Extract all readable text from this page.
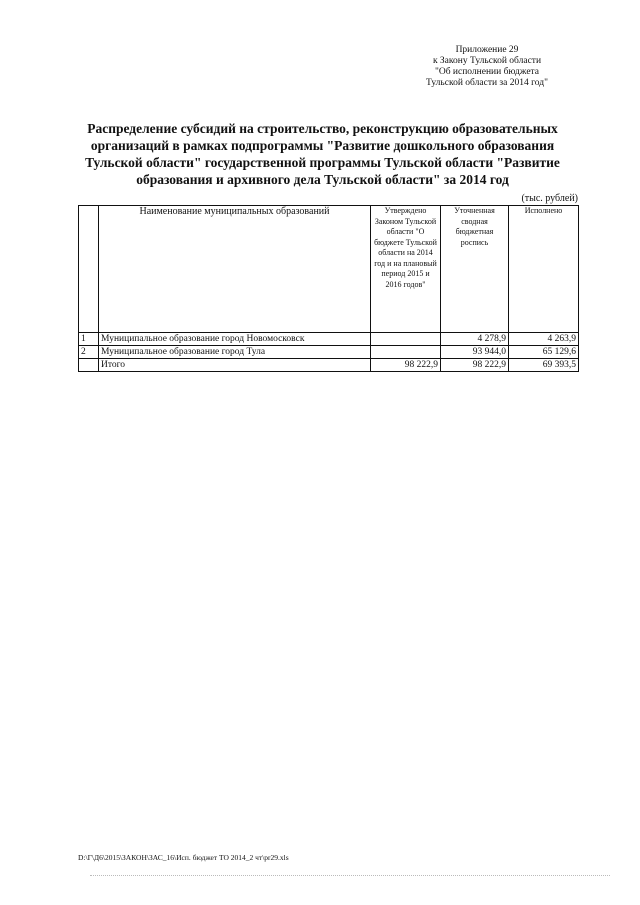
Приложение 29
к Закону Тульской области
"Об исполнении бюджета
Тульской области за 2014 год"
Распределение субсидий на строительство, реконструкцию образовательных организаций в рамках подпрограммы "Развитие дошкольного образования Тульской области" государственной программы Тульской области "Развитие образования и архивного дела Тульской области" за 2014 год
(тыс. рублей)
	Наименование муниципальных образований	Утверждено Законом Тульской области "О бюджете Тульской области на 2014 год и на плановый период 2015 и 2016 годов"	Уточненная сводная бюджетная роспись	Исполнено
1	Муниципальное образование город Новомосковск		4 278,9	4 263,9
2	Муниципальное образование город Тула		93 944,0	65 129,6
	Итого	98 222,9	98 222,9	69 393,5
D:\Г\Д6\2015\ЗАКОН\ЗАС_16\Исп. бюджет ТО 2014_2 чт\pr29.xls
